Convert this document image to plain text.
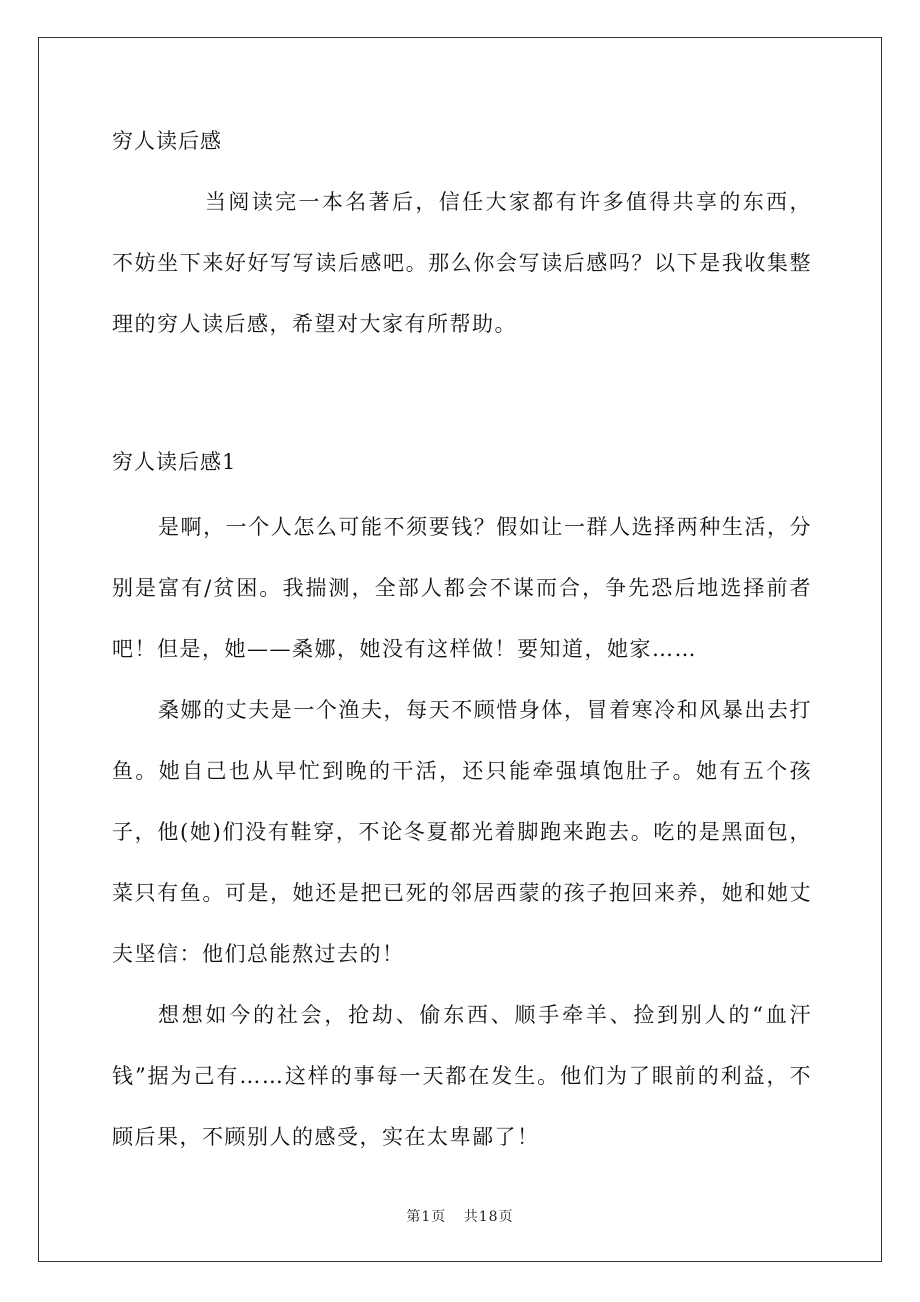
穷人读后感

当阅读完一本名著后，信任大家都有许多值得共享的东西，不妨坐下来好好写写读后感吧。那么你会写读后感吗？以下是我收集整理的穷人读后感，希望对大家有所帮助。

穷人读后感1

是啊，一个人怎么可能不须要钱？假如让一群人选择两种生活，分别是富有/贫困。我揣测，全部人都会不谋而合，争先恐后地选择前者吧！但是，她——桑娜，她没有这样做！要知道，她家……

桑娜的丈夫是一个渔夫，每天不顾惜身体，冒着寒冷和风暴出去打鱼。她自己也从早忙到晚的干活，还只能牵强填饱肚子。她有五个孩子，他(她)们没有鞋穿，不论冬夏都光着脚跑来跑去。吃的是黑面包，菜只有鱼。可是，她还是把已死的邻居西蒙的孩子抱回来养，她和她丈夫坚信：他们总能熬过去的！

想想如今的社会，抢劫、偷东西、顺手牵羊、捡到别人的“血汗钱”据为己有……这样的事每一天都在发生。他们为了眼前的利益，不顾后果，不顾别人的感受，实在太卑鄙了！

第1页 共18页
